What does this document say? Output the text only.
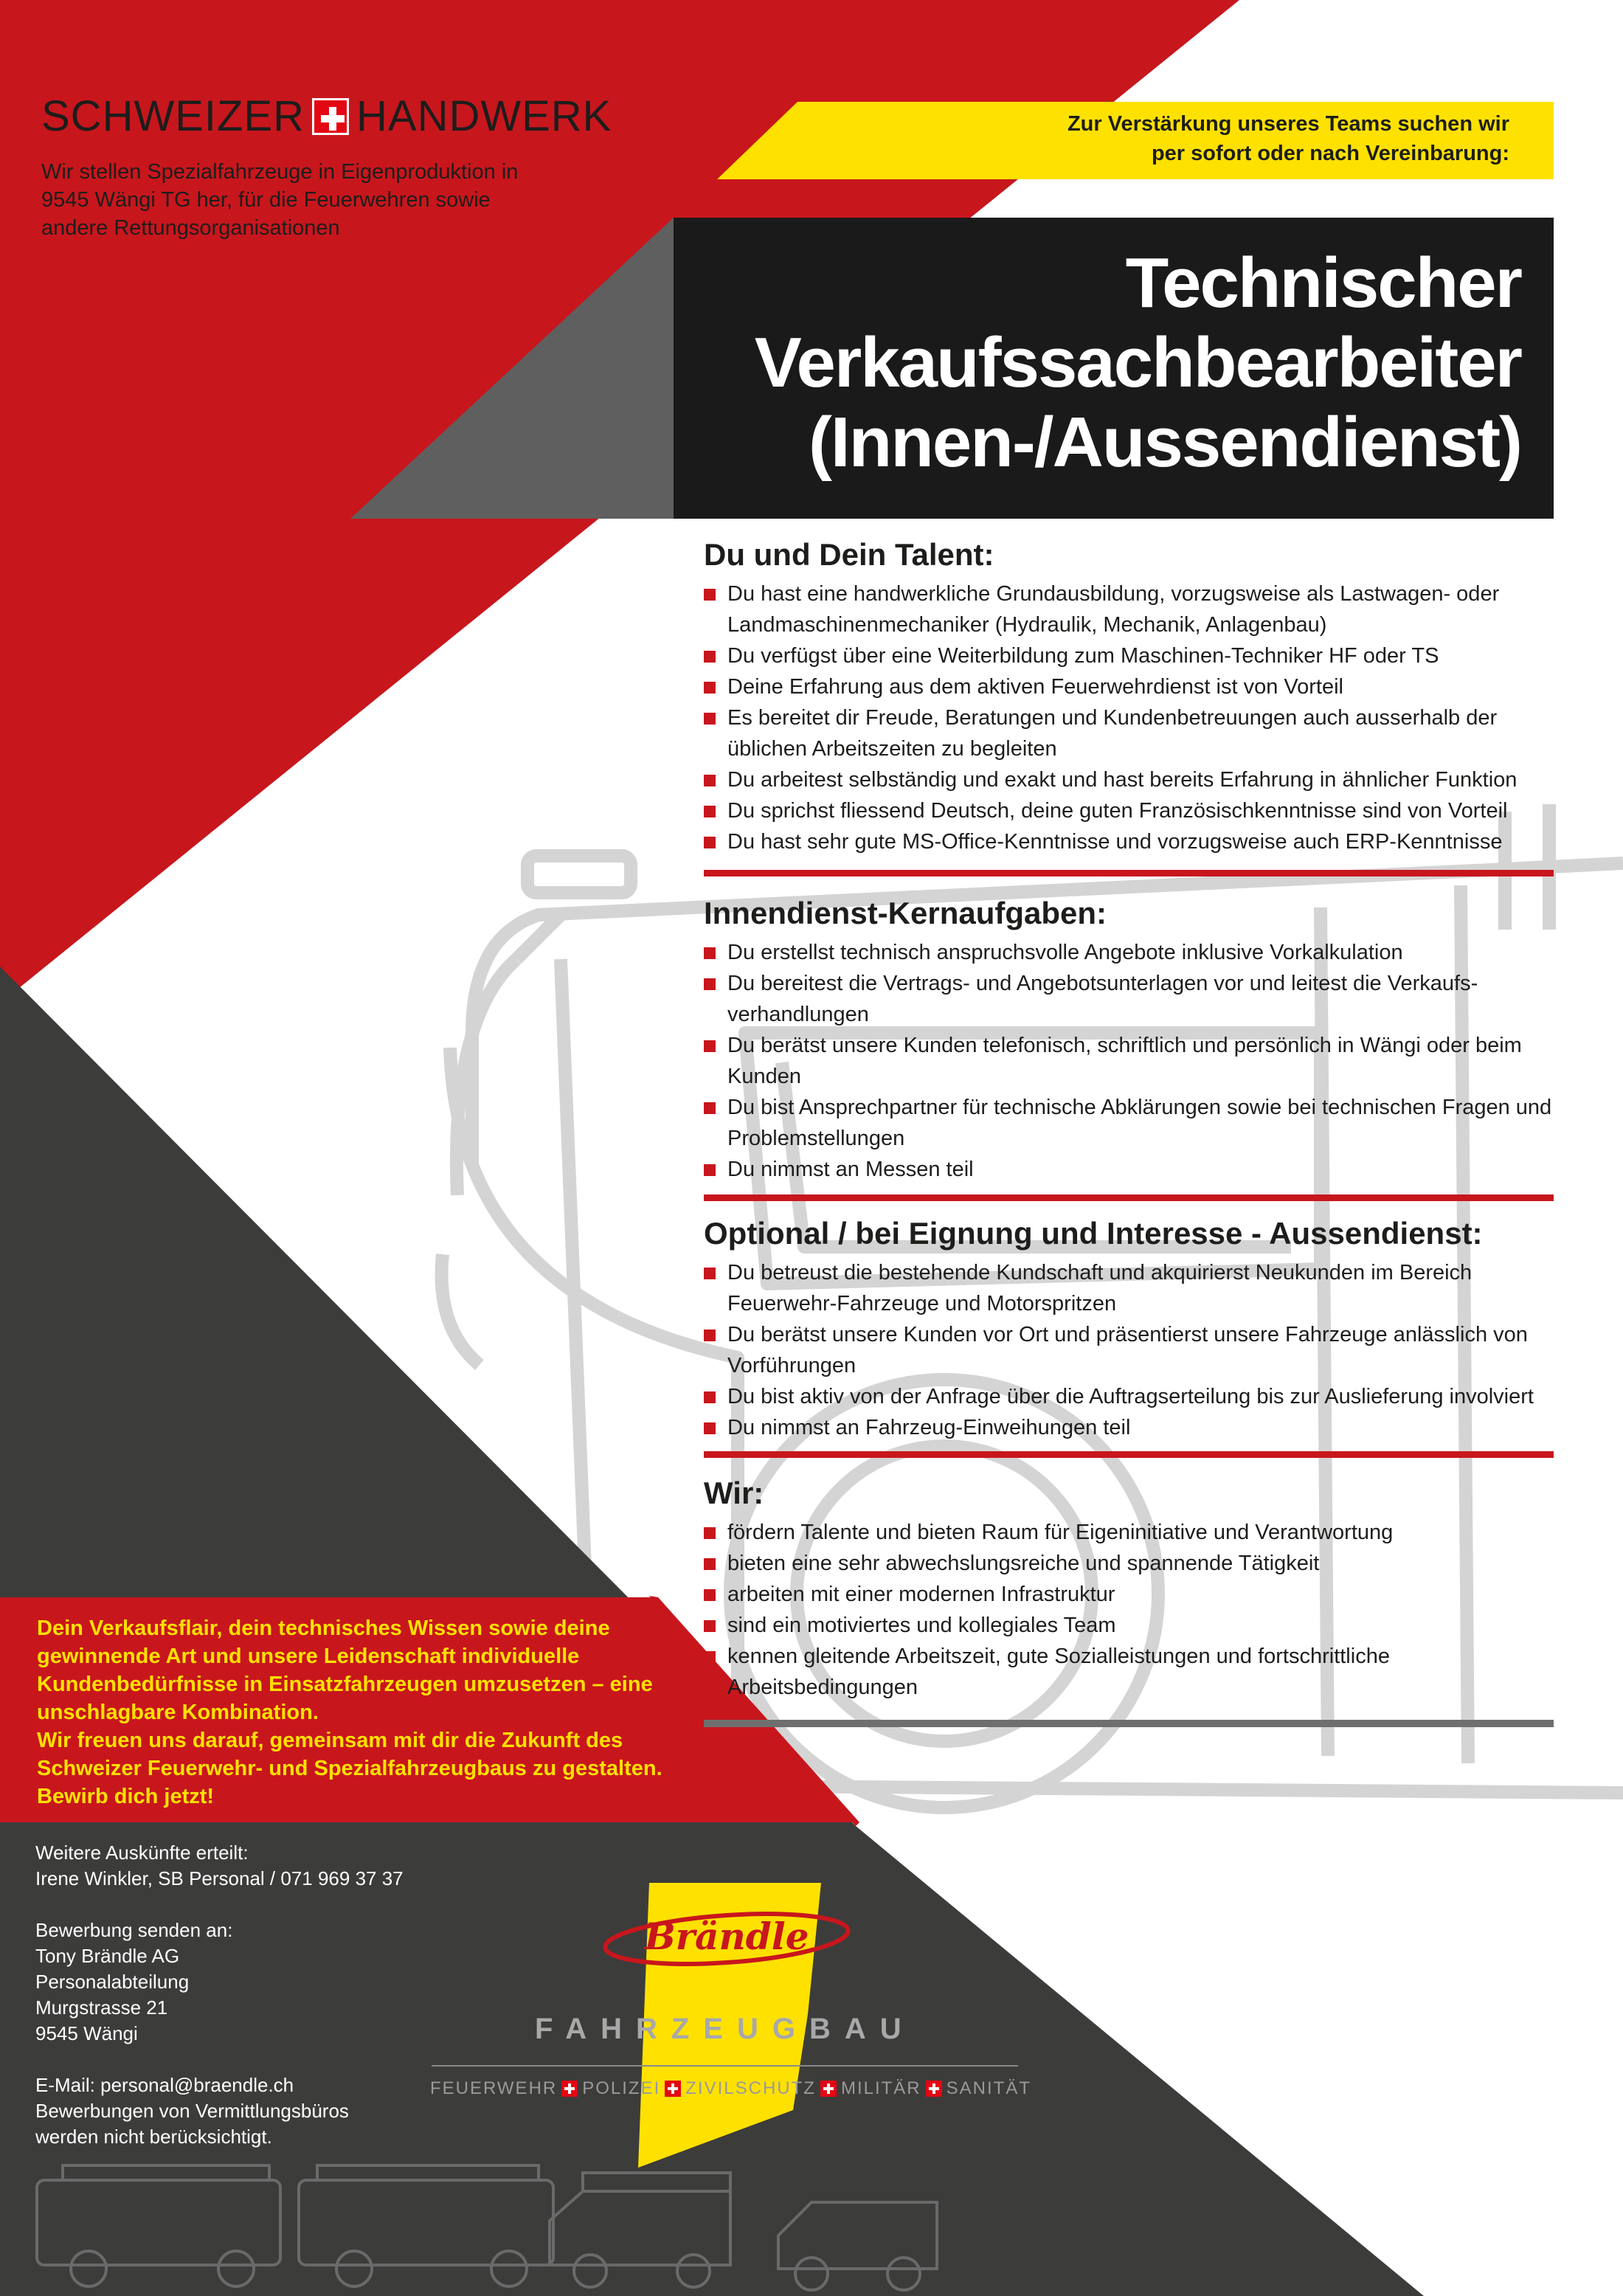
SCHWEIZER HANDWERK
Wir stellen Spezialfahrzeuge in Eigenproduktion in 9545 Wängi TG her, für die Feuerwehren sowie andere Rettungsorganisationen
Zur Verstärkung unseres Teams suchen wir
per sofort oder nach Vereinbarung:
Technischer
Verkaufssachbearbeiter
(Innen-/Aussendienst)
Du und Dein Talent:
Du hast eine handwerkliche Grundausbildung, vorzugsweise als Lastwagen- oder Landmaschinenmechaniker (Hydraulik, Mechanik, Anlagenbau)
Du verfügst über eine Weiterbildung zum Maschinen-Techniker HF oder TS
Deine Erfahrung aus dem aktiven Feuerwehrdienst ist von Vorteil
Es bereitet dir Freude, Beratungen und Kundenbetreuungen auch ausserhalb der üblichen Arbeitszeiten zu begleiten
Du arbeitest selbständig und exakt und hast bereits Erfahrung in ähnlicher Funktion
Du sprichst fliessend Deutsch, deine guten Französischkenntnisse sind von Vorteil
Du hast sehr gute MS-Office-Kenntnisse und vorzugsweise auch ERP-Kenntnisse
Innendienst-Kernaufgaben:
Du erstellst technisch anspruchsvolle Angebote inklusive Vorkalkulation
Du bereitest die Vertrags- und Angebotsunterlagen vor und leitest die Verkaufs- verhandlungen
Du berätst unsere Kunden telefonisch, schriftlich und persönlich in Wängi oder beim Kunden
Du bist Ansprechpartner für technische Abklärungen sowie bei technischen Fragen und Problemstellungen
Du nimmst an Messen teil
Optional / bei Eignung und Interesse - Aussendienst:
Du betreust die bestehende Kundschaft und akquirierst Neukunden im Bereich Feuerwehr-Fahrzeuge und Motorspritzen
Du berätst unsere Kunden vor Ort und präsentierst unsere Fahrzeuge anlässlich von Vorführungen
Du bist aktiv von der Anfrage über die Auftragserteilung bis zur Auslieferung involviert
Du nimmst an Fahrzeug-Einweihungen teil
Wir:
fördern Talente und bieten Raum für Eigeninitiative und Verantwortung
bieten eine sehr abwechslungsreiche und spannende Tätigkeit
arbeiten mit einer modernen Infrastruktur
sind ein motiviertes und kollegiales Team
kennen gleitende Arbeitszeit, gute Sozialleistungen und fortschrittliche Arbeitsbedingungen
Dein Verkaufsflair, dein technisches Wissen sowie deine
gewinnende Art und unsere Leidenschaft individuelle
Kundenbedürfnisse in Einsatzfahrzeugen umzusetzen – eine
unschlagbare Kombination.
Wir freuen uns darauf, gemeinsam mit dir die Zukunft des
Schweizer Feuerwehr- und Spezialfahrzeugbaus zu gestalten.
Bewirb dich jetzt!

Weitere Auskünfte erteilt:
Irene Winkler, SB Personal / 071 969 37 37

Bewerbung senden an:
Tony Brändle AG
Personalabteilung
Murgstrasse 21
9545 Wängi

E-Mail: personal@braendle.ch
Bewerbungen von Vermittlungsbüros
werden nicht berücksichtigt.

Brändle
FAHRZEUGBAU
FEUERWEHR POLIZEI ZIVILSCHUTZ MILITÄR SANITÄT
